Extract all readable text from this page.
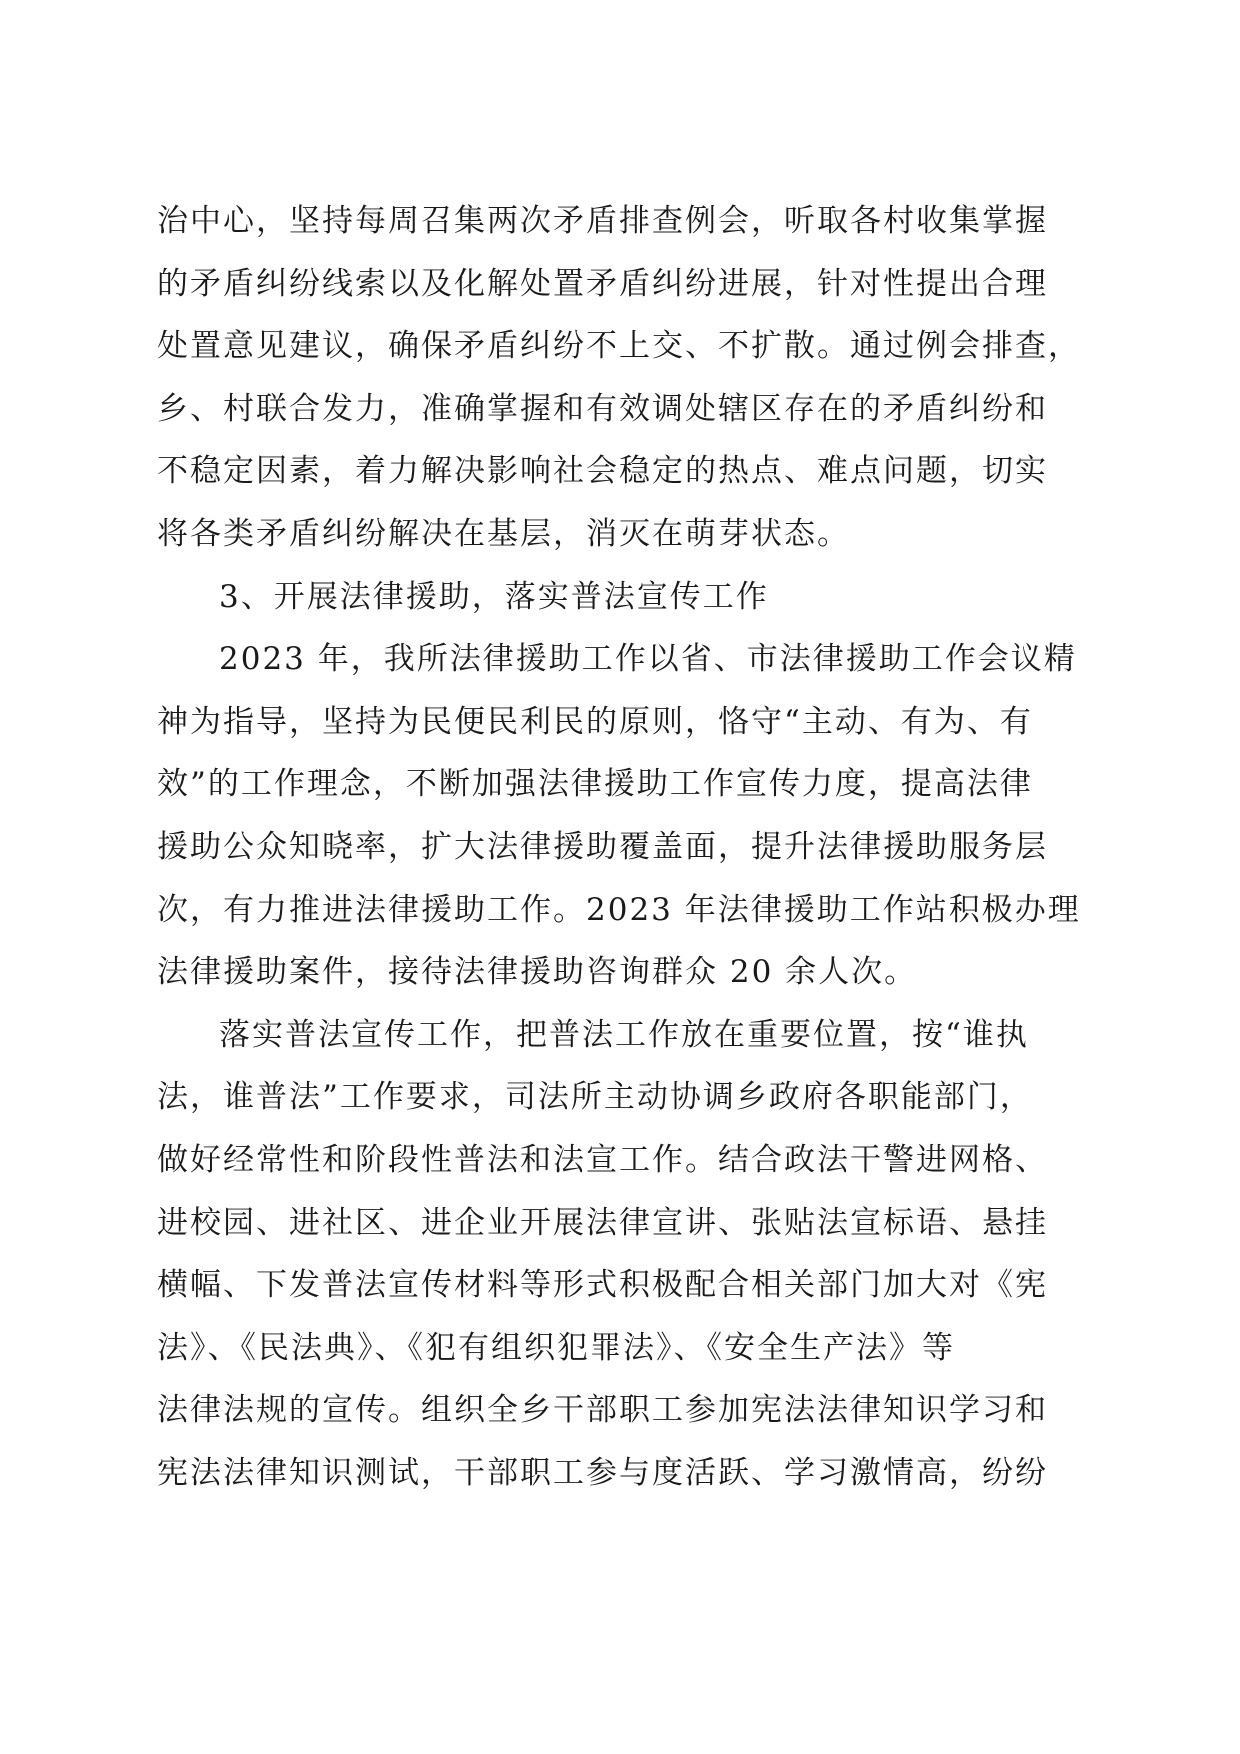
治中心，坚持每周召集两次矛盾排查例会，听取各村收集掌握
的矛盾纠纷线索以及化解处置矛盾纠纷进展，针对性提出合理
处置意见建议，确保矛盾纠纷不上交、不扩散。通过例会排查，
乡、村联合发力，准确掌握和有效调处辖区存在的矛盾纠纷和
不稳定因素，着力解决影响社会稳定的热点、难点问题，切实
将各类矛盾纠纷解决在基层，消灭在萌芽状态。
3、开展法律援助，落实普法宣传工作
2023 年，我所法律援助工作以省、市法律援助工作会议精
神为指导，坚持为民便民利民的原则，恪守“主动、有为、有
效”的工作理念，不断加强法律援助工作宣传力度，提高法律
援助公众知晓率，扩大法律援助覆盖面，提升法律援助服务层
次，有力推进法律援助工作。2023 年法律援助工作站积极办理
法律援助案件，接待法律援助咨询群众 20 余人次。
落实普法宣传工作，把普法工作放在重要位置，按“谁执
法，谁普法”工作要求，司法所主动协调乡政府各职能部门，
做好经常性和阶段性普法和法宣工作。结合政法干警进网格、
进校园、进社区、进企业开展法律宣讲、张贴法宣标语、悬挂
横幅、下发普法宣传材料等形式积极配合相关部门加大对《宪
法》、《民法典》、《犯有组织犯罪法》、《安全生产法》等
法律法规的宣传。组织全乡干部职工参加宪法法律知识学习和
宪法法律知识测试，干部职工参与度活跃、学习激情高，纷纷
